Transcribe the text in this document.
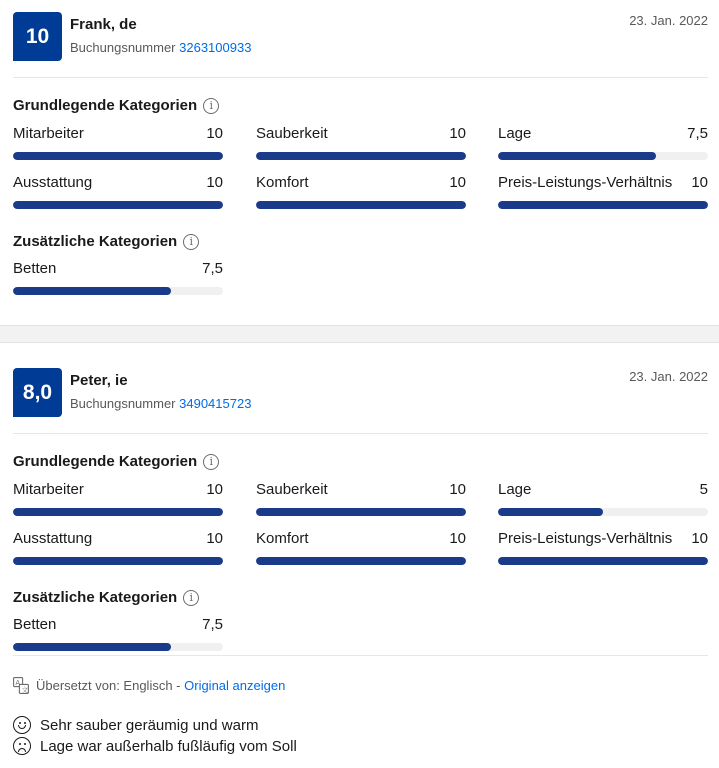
10	Frank, de
Buchungsnummer 3263100933
23. Jan. 2022
Grundlegende Kategorien	i
Mitarbeiter	10 Sauberkeit	10 Lage	7,5
Ausstattung	10 Komfort	10 Preis-Leistungs-Verhältnis 10
Zusätzliche Kategorien	i
Betten	7,5
8,0	Peter, ie
Buchungsnummer 3490415723
23. Jan. 2022
Grundlegende Kategorien	i
Mitarbeiter	10 Sauberkeit	10 Lage	5
Ausstattung	10 Komfort	10 Preis-Leistungs-Verhältnis 10
Zusätzliche Kategorien	i
Betten	7,5
A
文 Übersetzt von: Englisch - Original anzeigen
Sehr sauber geräumig und warm
Lage war außerhalb fußläufig vom Soll
